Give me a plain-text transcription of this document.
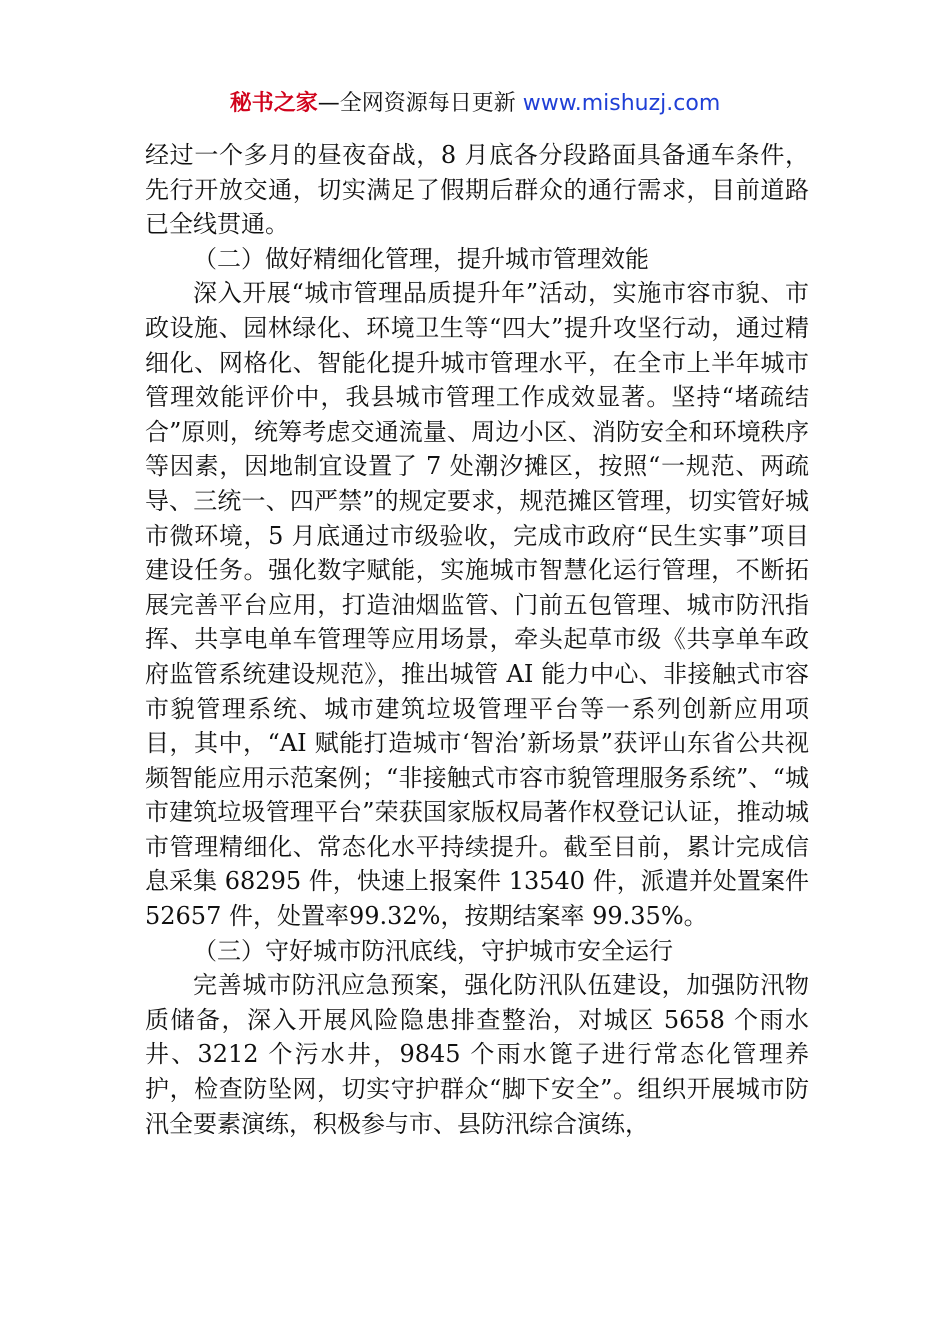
秘书之家—全网资源每日更新 www.mishuzj.com

经过一个多月的昼夜奋战，8 月底各分段路面具备通车条件，先行开放交通，切实满足了假期后群众的通行需求，目前道路已全线贯通。

（二）做好精细化管理，提升城市管理效能

深入开展“城市管理品质提升年”活动，实施市容市貌、市政设施、园林绿化、环境卫生等“四大”提升攻坚行动，通过精细化、网格化、智能化提升城市管理水平，在全市上半年城市管理效能评价中，我县城市管理工作成效显著。坚持“堵疏结合”原则，统筹考虑交通流量、周边小区、消防安全和环境秩序等因素，因地制宜设置了 7 处潮汐摊区，按照“一规范、两疏导、三统一、四严禁”的规定要求，规范摊区管理，切实管好城市微环境，5 月底通过市级验收，完成市政府“民生实事”项目建设任务。强化数字赋能，实施城市智慧化运行管理，不断拓展完善平台应用，打造油烟监管、门前五包管理、城市防汛指挥、共享电单车管理等应用场景，牵头起草市级《共享单车政府监管系统建设规范》，推出城管 AI 能力中心、非接触式市容市貌管理系统、城市建筑垃圾管理平台等一系列创新应用项目，其中，“AI 赋能打造城市‘智治’新场景”获评山东省公共视频智能应用示范案例；“非接触式市容市貌管理服务系统”、“城市建筑垃圾管理平台”荣获国家版权局著作权登记认证，推动城市管理精细化、常态化水平持续提升。截至目前，累计完成信息采集 68295 件，快速上报案件 13540 件，派遣并处置案件 52657 件，处置率99.32%，按期结案率 99.35%。

（三）守好城市防汛底线，守护城市安全运行

完善城市防汛应急预案，强化防汛队伍建设，加强防汛物质储备，深入开展风险隐患排查整治，对城区 5658 个雨水井、3212 个污水井，9845 个雨水篦子进行常态化管理养护，检查防坠网，切实守护群众“脚下安全”。组织开展城市防汛全要素演练，积极参与市、县防汛综合演练，
